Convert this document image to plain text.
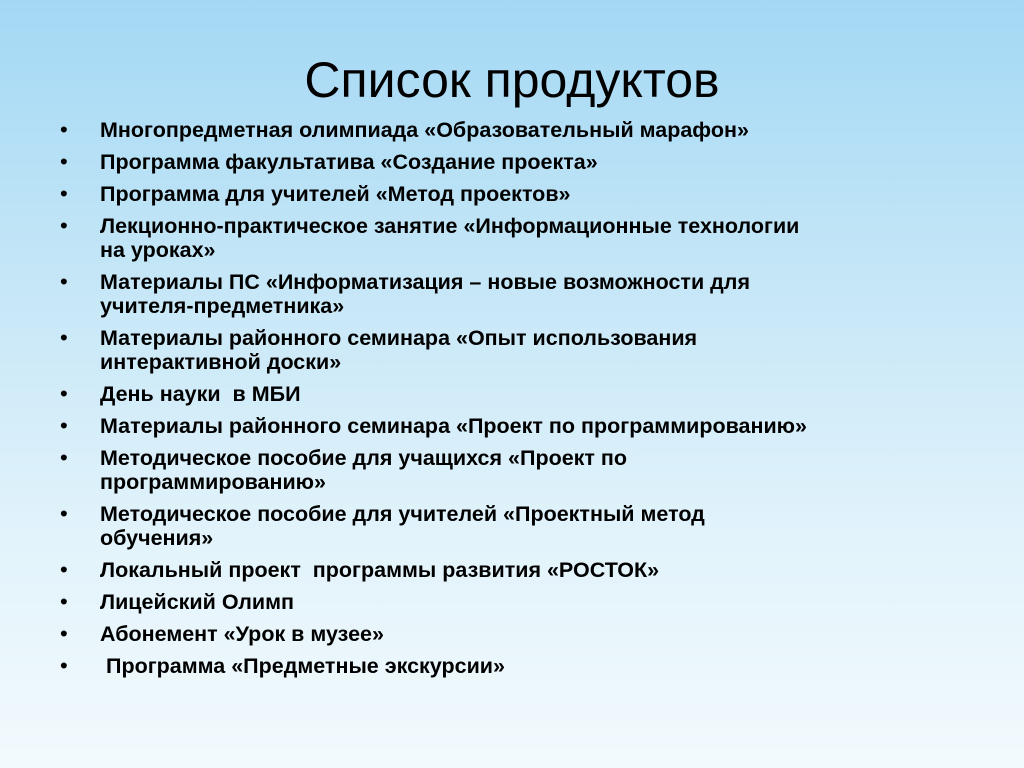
Список продуктов
• Многопредметная олимпиада «Образовательный марафон»
• Программа факультатива «Создание проекта»
• Программа для учителей «Метод проектов»
• Лекционно-практическое занятие «Информационные технологии
на уроках»
• Материалы ПС «Информатизация – новые возможности для
учителя-предметника»
• Материалы районного семинара «Опыт использования
интерактивной доски»
• День науки  в МБИ
• Материалы районного семинара «Проект по программированию»
• Методическое пособие для учащихся «Проект по
программированию»
• Методическое пособие для учителей «Проектный метод
обучения»
• Локальный проект  программы развития «РОСТОК»
• Лицейский Олимп
• Абонемент «Урок в музее»
• Программа «Предметные экскурсии»
